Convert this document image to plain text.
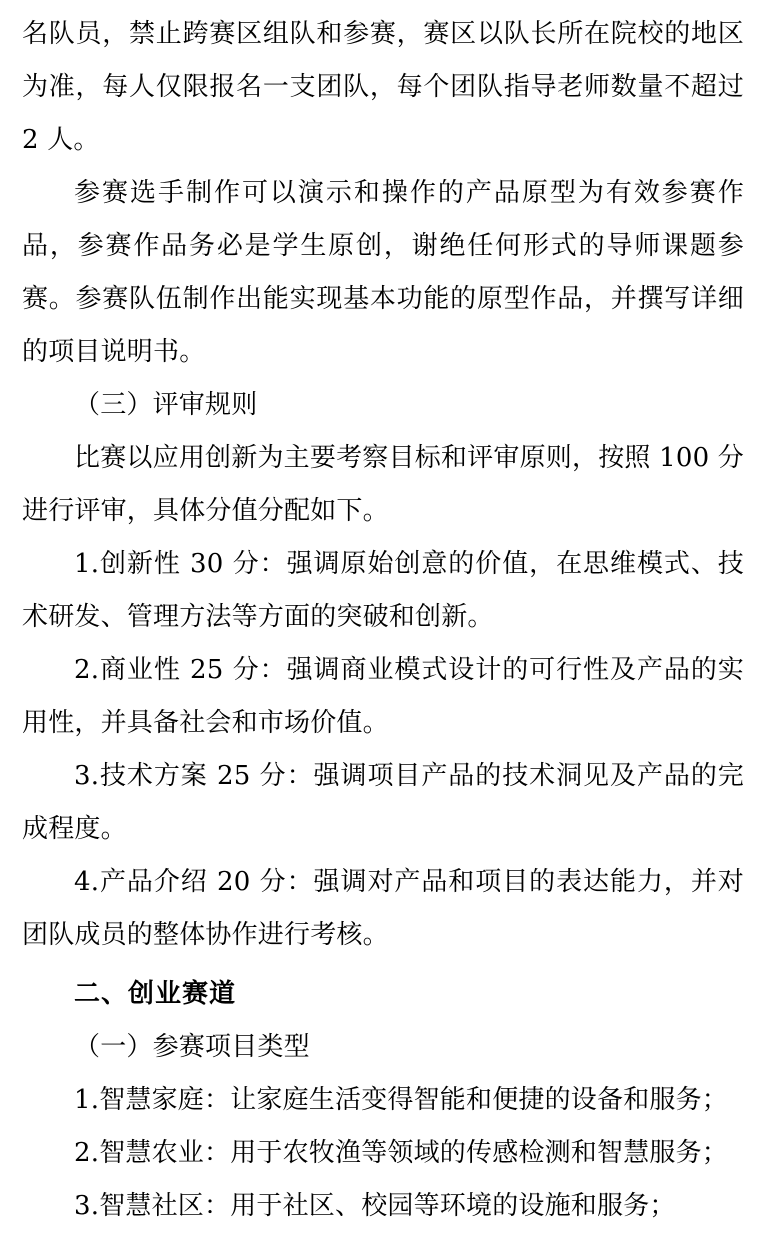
名队员，禁止跨赛区组队和参赛，赛区以队长所在院校的地区为准，每人仅限报名一支团队，每个团队指导老师数量不超过 2 人。

参赛选手制作可以演示和操作的产品原型为有效参赛作品，参赛作品务必是学生原创，谢绝任何形式的导师课题参赛。参赛队伍制作出能实现基本功能的原型作品，并撰写详细的项目说明书。

（三）评审规则

比赛以应用创新为主要考察目标和评审原则，按照 100 分进行评审，具体分值分配如下。

1.创新性 30 分：强调原始创意的价值，在思维模式、技术研发、管理方法等方面的突破和创新。

2.商业性 25 分：强调商业模式设计的可行性及产品的实用性，并具备社会和市场价值。

3.技术方案 25 分：强调项目产品的技术洞见及产品的完成程度。

4.产品介绍 20 分：强调对产品和项目的表达能力，并对团队成员的整体协作进行考核。

二、创业赛道

（一）参赛项目类型

1.智慧家庭：让家庭生活变得智能和便捷的设备和服务；

2.智慧农业：用于农牧渔等领域的传感检测和智慧服务；

3.智慧社区：用于社区、校园等环境的设施和服务；
